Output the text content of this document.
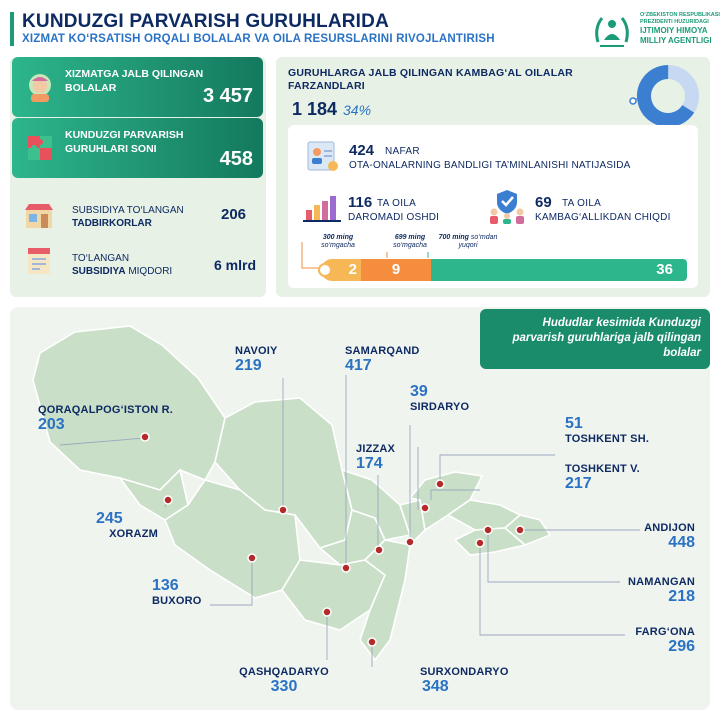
KUNDUZGI PARVARISH GURUHLARIDA
XIZMAT KO‘RSATISH ORQALI BOLALAR VA OILA RESURSLARINI RIVOJLANTIRISH
O‘ZBEKISTON RESPUBLIKASI
PREZIDENTI HUZURIDAGI
IJTIMOIY HIMOYA
MILLIY AGENTLIGI
XIZMATGA JALB QILINGAN BOLALAR	3 457
KUNDUZGI PARVARISH GURUHLARI SONI	458
SUBSIDIYA TO‘LANGAN
TADBIRKORLAR
206
TO‘LANGAN
SUBSIDIYA MIQDORI	6 mlrd
GURUHLARGA JALB QILINGAN KAMBAG‘AL OILALAR FARZANDLARI
1 184 34%
424 NAFAR
OTA-ONALARNING BANDLIGI TA’MINLANISHI NATIJASIDA
116 TA OILA
DAROMADI OSHDI
69 TA OILA
KAMBAG‘ALLIKDAN CHIQDI
300 ming
so‘mgacha
699 ming
so‘mgacha
700 ming so‘mdan yuqori
2	9	36
Hududlar kesimida Kunduzgi parvarish guruhlariga jalb qilingan bolalar
QORAQALPOG‘ISTON R.
203
NAVOIY
219
SAMARQAND
417
39
SIRDARYO
JIZZAX
174
51
TOSHKENT SH.
TOSHKENT V.
217
245
XORAZM	ANDIJON
448
136
BUXORO
NAMANGAN
218
FARG‘ONA
296
QASHQADARYO
330
SURXONDARYO
348
